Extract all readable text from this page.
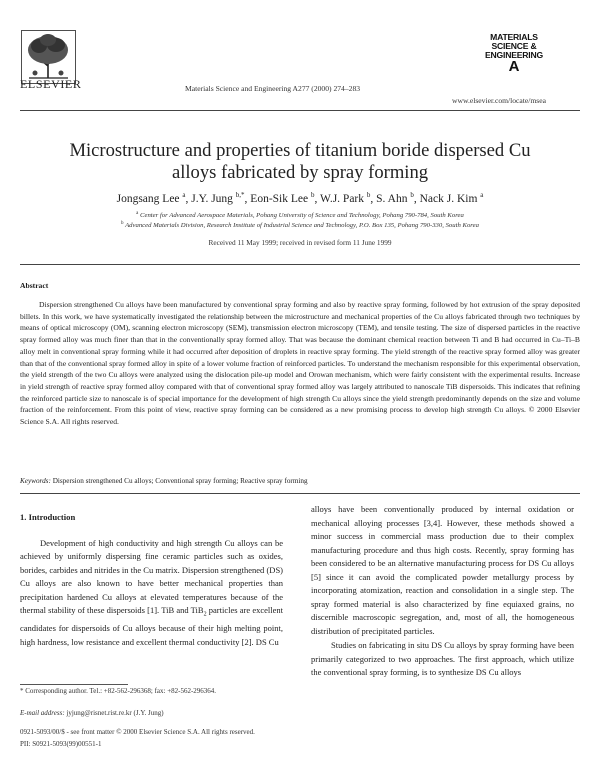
ELSEVIER	Materials Science and Engineering A277 (2000) 274–283
MATERIALS
SCIENCE &
ENGINEERING
A
www.elsevier.com/locate/msea
Microstructure and properties of titanium boride dispersed Cu
alloys fabricated by spray forming
Jongsang Lee $^a$, J.Y. Jung $^{b,*}$, Eon-Sik Lee $^b$, W.J. Park $^b$, S. Ahn $^b$, Nack J. Kim $^a$
$^a$ Center for Advanced Aerospace Materials, Pohang University of Science and Technology, Pohang 790-784, South Korea
$^b$ Advanced Materials Division, Research Institute of Industrial Science and Technology, P.O. Box 135, Pohang 790-330, South Korea
Received 11 May 1999; received in revised form 11 June 1999
Abstract
Dispersion strengthened Cu alloys have been manufactured by conventional spray forming and also by reactive spray forming, followed by hot extrusion of the spray deposited billets. In this work, we have systematically investigated the relationship between the microstructure and mechanical properties of the Cu alloys fabricated through two techniques by means of optical microscopy (OM), scanning electron microscopy (SEM), transmission electron microscopy (TEM), and tensile testing. The size of dispersed particles in the reactive spray formed alloy was much finer than that in the conventionally spray formed alloy. That was because the dominant chemical reaction between Ti and B had occurred in Cu–Ti–B alloy melt in conventional spray forming while it had occurred after deposition of droplets in reactive spray forming. The yield strength of the reactive spray formed alloy was greater than that of the conventional spray formed alloy in spite of a lower volume fraction of reinforced particles. To understand the mechanism responsible for this experimental observation, the yield strength of the two Cu alloys were analyzed using the dislocation pile-up model and Orowan mechanism, which were fairly consistent with the experimental results. Increase in yield strength of reactive spray formed alloy compared with that of conventional spray formed alloy was largely attributed to nanoscale TiB dispersoids. This indicates that refining the reinforced particle size to nanoscale is of special importance for the development of high strength Cu alloys since the yield strength predominantly depends on the size and volume fraction of the reinforcement. From this point of view, reactive spray forming can be considered as a new promising process to develop high strength Cu alloys. © 2000 Elsevier Science S.A. All rights reserved.
Keywords: Dispersion strengthened Cu alloys; Conventional spray forming; Reactive spray forming
1. Introduction

Development of high conductivity and high strength Cu alloys can be achieved by uniformly dispersing fine ceramic particles such as oxides, borides, carbides and nitrides in the Cu matrix. Dispersion strengthened (DS) Cu alloys are also known to have better mechanical properties than precipitation hardened Cu alloys at elevated temperatures because of the thermal stability of these dispersoids [1]. TiB and TiB$_2$ particles are excellent candidates for dispersoids of Cu alloys because of their high melting point, high hardness, low resistance and excellent thermal conductivity [2]. DS Cu

alloys have been conventionally produced by internal oxidation or mechanical alloying processes [3,4]. However, these methods showed a minor success in commercial mass production due to their complex manufacturing procedure and thus high costs. Recently, spray forming has been considered to be an alternative manufacturing process for DS Cu alloys [5] since it can avoid the complicated powder metallurgy process by incorporating atomization, reaction and consolidation in a single step. The spray formed material is also characterized by fine equiaxed grains, no discernible macroscopic segregation, and, most of all, the homogeneous distribution of precipitated particles.

Studies on fabricating in situ DS Cu alloys by spray forming have been primarily categorized to two approaches. The first approach, which utilize the conventional spray forming, is to synthesize DS Cu alloys

* Corresponding author. Tel.: +82-562-296368; fax: +82-562-296364.
E-mail address: jyjung@risnet.rist.re.kr (J.Y. Jung)
0921-5093/00/$ - see front matter © 2000 Elsevier Science S.A. All rights reserved.
PII: S0921-5093(99)00551-1
